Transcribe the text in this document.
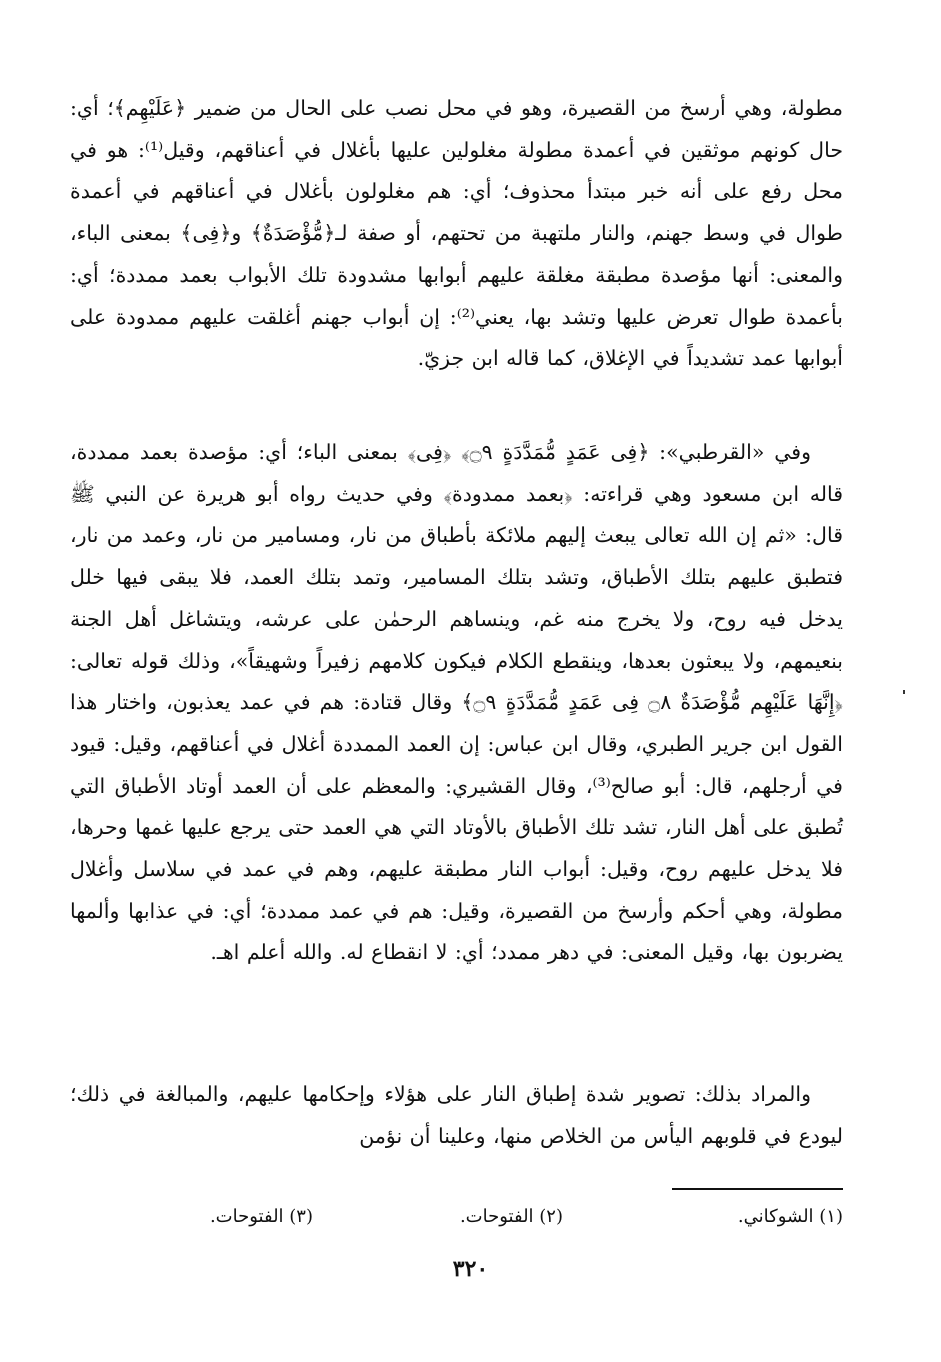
مطولة، وهي أرسخ من القصيرة، وهو في محل نصب على الحال من ضمير ﴿عَلَيْهِم﴾؛ أي: حال كونهم موثقين في أعمدة مطولة مغلولين عليها بأغلال في أعناقهم، وقيل⁽¹⁾: هو في محل رفع على أنه خبر مبتدأ محذوف؛ أي: هم مغلولون بأغلال في أعناقهم في أعمدة طوال في وسط جهنم، والنار ملتهبة من تحتهم، أو صفة لـ﴿مُّؤْصَدَةٌ﴾ و﴿فِى﴾ بمعنى الباء، والمعنى: أنها مؤصدة مطبقة مغلقة عليهم أبوابها مشدودة تلك الأبواب بعمد ممددة؛ أي: بأعمدة طوال تعرض عليها وتشد بها، يعني⁽²⁾: إن أبواب جهنم أغلقت عليهم ممدودة على أبوابها عمد تشديداً في الإغلاق، كما قاله ابن جزيّ.

وفي «القرطبي»: ﴿فِى عَمَدٍ مُّمَدَّدَةٍ ۝٩﴾ ﴿فِى﴾ بمعنى الباء؛ أي: مؤصدة بعمد ممددة، قاله ابن مسعود وهي قراءته: ﴿بعمد ممدودة﴾ وفي حديث رواه أبو هريرة عن النبي ﷺ قال: «ثم إن الله تعالى يبعث إليهم ملائكة بأطباق من نار، ومسامير من نار، وعمد من نار، فتطبق عليهم بتلك الأطباق، وتشد بتلك المسامير، وتمد بتلك العمد، فلا يبقى فيها خلل يدخل فيه روح، ولا يخرج منه غم، وينساهم الرحمٰن على عرشه، ويتشاغل أهل الجنة بنعيمهم، ولا يبعثون بعدها، وينقطع الكلام فيكون كلامهم زفيراً وشهيقاً»، وذلك قوله تعالى: ﴿إِنَّهَا عَلَيْهِم مُّؤْصَدَةٌ ۝٨ فِى عَمَدٍ مُّمَدَّدَةٍ ۝٩﴾ وقال قتادة: هم في عمد يعذبون، واختار هذا القول ابن جرير الطبري، وقال ابن عباس: إن العمد الممددة أغلال في أعناقهم، وقيل: قيود في أرجلهم، قال: أبو صالح⁽³⁾، وقال القشيري: والمعظم على أن العمد أوتاد الأطباق التي تُطبق على أهل النار، تشد تلك الأطباق بالأوتاد التي هي العمد حتى يرجع عليها غمها وحرها، فلا يدخل عليهم روح، وقيل: أبواب النار مطبقة عليهم، وهم في عمد في سلاسل وأغلال مطولة، وهي أحكم وأرسخ من القصيرة، وقيل: هم في عمد ممددة؛ أي: في عذابها وألمها يضربون بها، وقيل المعنى: في دهر ممدد؛ أي: لا انقطاع له. والله أعلم اهـ.

والمراد بذلك: تصوير شدة إطباق النار على هؤلاء وإحكامها عليهم، والمبالغة في ذلك؛ ليودع في قلوبهم اليأس من الخلاص منها، وعلينا أن نؤمن

(١) الشوكاني.
(٢) الفتوحات.
(٣) الفتوحات.
٣٢٠
